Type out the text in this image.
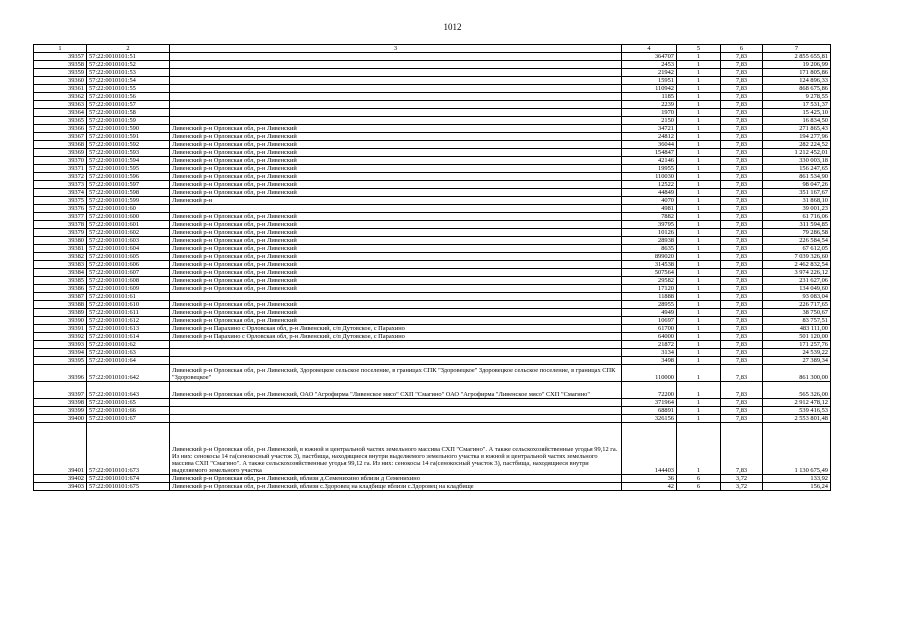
1012
1	2	3	4	5	6	7
39357	57:22:0010101:51		364707	1	7,83	2 855 655,81
39358	57:22:0010101:52		2453	1	7,83	19 206,99
39359	57:22:0010101:53		21942	1	7,83	171 805,86
39360	57:22:0010101:54		15951	1	7,83	124 896,33
39361	57:22:0010101:55		110942	1	7,83	868 675,86
39362	57:22:0010101:56		1185	1	7,83	9 278,55
39363	57:22:0010101:57		2239	1	7,83	17 531,37
39364	57:22:0010101:58		1970	1	7,83	15 425,10
39365	57:22:0010101:59		2150	1	7,83	16 834,50
39366	57:22:0010101:590	Ливенский р-н Орловская обл, р-н Ливенский	34721	1	7,83	271 865,43
39367	57:22:0010101:591	Ливенский р-н Орловская обл, р-н Ливенский	24812	1	7,83	194 277,96
39368	57:22:0010101:592	Ливенский р-н Орловская обл, р-н Ливенский	36044	1	7,83	282 224,52
39369	57:22:0010101:593	Ливенский р-н Орловская обл, р-н Ливенский	154847	1	7,83	1 212 452,01
39370	57:22:0010101:594	Ливенский р-н Орловская обл, р-н Ливенский	42146	1	7,83	330 003,18
39371	57:22:0010101:595	Ливенский р-н Орловская обл, р-н Ливенский	19955	1	7,83	156 247,65
39372	57:22:0010101:596	Ливенский р-н Орловская обл, р-н Ливенский	110030	1	7,83	861 534,90
39373	57:22:0010101:597	Ливенский р-н Орловская обл, р-н Ливенский	12522	1	7,83	98 047,26
39374	57:22:0010101:598	Ливенский р-н Орловская обл, р-н Ливенский	44849	1	7,83	351 167,67
39375	57:22:0010101:599	Ливенский р-н	4070	1	7,83	31 868,10
39376	57:22:0010101:60		4981	1	7,83	39 001,23
39377	57:22:0010101:600	Ливенский р-н Орловская обл, р-н Ливенский	7882	1	7,83	61 716,06
39378	57:22:0010101:601	Ливенский р-н Орловская обл, р-н Ливенский	39795	1	7,83	311 594,85
39379	57:22:0010101:602	Ливенский р-н Орловская обл, р-н Ливенский	10126	1	7,83	79 286,58
39380	57:22:0010101:603	Ливенский р-н Орловская обл, р-н Ливенский	28938	1	7,83	226 584,54
39381	57:22:0010101:604	Ливенский р-н Орловская обл, р-н Ливенский	8635	1	7,83	67 612,05
39382	57:22:0010101:605	Ливенский р-н Орловская обл, р-н Ливенский	899020	1	7,83	7 039 326,60
39383	57:22:0010101:606	Ливенский р-н Орловская обл, р-н Ливенский	314538	1	7,83	2 462 832,54
39384	57:22:0010101:607	Ливенский р-н Орловская обл, р-н Ливенский	507564	1	7,83	3 974 226,12
39385	57:22:0010101:608	Ливенский р-н Орловская обл, р-н Ливенский	29582	1	7,83	231 627,06
39386	57:22:0010101:609	Ливенский р-н Орловская обл, р-н Ливенский	17120	1	7,83	134 049,60
39387	57:22:0010101:61		11888	1	7,83	93 083,04
39388	57:22:0010101:610	Ливенский р-н Орловская обл, р-н Ливенский	28955	1	7,83	226 717,65
39389	57:22:0010101:611	Ливенский р-н Орловская обл, р-н Ливенский	4949	1	7,83	38 750,67
39390	57:22:0010101:612	Ливенский р-н Орловская обл, р-н Ливенский	10697	1	7,83	83 757,51
39391	57:22:0010101:613	Ливенский р-н Парахино с Орловская обл, р-н Ливенский, с/п Дутовское, с Парахино	61700	1	7,83	483 111,00
39392	57:22:0010101:614	Ливенский р-н Парахино с Орловская обл, р-н Ливенский, с/п Дутовское, с Парахино	64000	1	7,83	501 120,00
39393	57:22:0010101:62		21872	1	7,83	171 257,76
39394	57:22:0010101:63		3134	1	7,83	24 539,22
39395	57:22:0010101:64		3498	1	7,83	27 389,34
39396	57:22:0010101:642	Ливенский р-н Орловская обл, р-н Ливенский, Здоровецкое сельское поселение, в границах СПК "Здоровецкое" Здоровецкое сельское поселение, в границах СПК "Здоровецкое"	110000	1	7,83	861 300,00
39397	57:22:0010101:643	Ливенский р-н Орловская обл, р-н Ливенский, ОАО "Агрофирма "Ливенское мясо" СХП "Смагино" ОАО "Агрофирма "Ливенское мясо" СХП "Смагино"	72200	1	7,83	565 326,00
39398	57:22:0010101:65		371964	1	7,83	2 912 478,12
39399	57:22:0010101:66		68891	1	7,83	539 416,53
39400	57:22:0010101:67		326156	1	7,83	2 553 801,48
39401	57:22:0010101:673	Ливенский р-н Орловская обл, р-н Ливенский, в южной и центральной частях земельного массива СХП "Смагино". А также сельскохозяйственные угодья 99,12 га. Из них: сенокосы 14 га(сенокосный участок 3), пастбища, находящиеся внутри выделяемого земельного участка в южной и центральной частях земельного массива СХП "Смагино". А также сельскохозяйственные угодья 99,12 га. Из них: сенокосы 14 га(сенокосный участок 3), пастбища, находящиеся внутри выделяемого земельного участка	144403	1	7,83	1 130 675,49
39402	57:22:0010101:674	Ливенский р-н Орловская обл, р-н Ливенский, вблизи д.Семенихино вблизи д Семенихино	36	6	3,72	133,92
39403	57:22:0010101:675	Ливенский р-н Орловская обл, р-н Ливенский, вблизи с.Здоровец на кладбище вблизи с.Здоровец на кладбище	42	6	3,72	156,24
